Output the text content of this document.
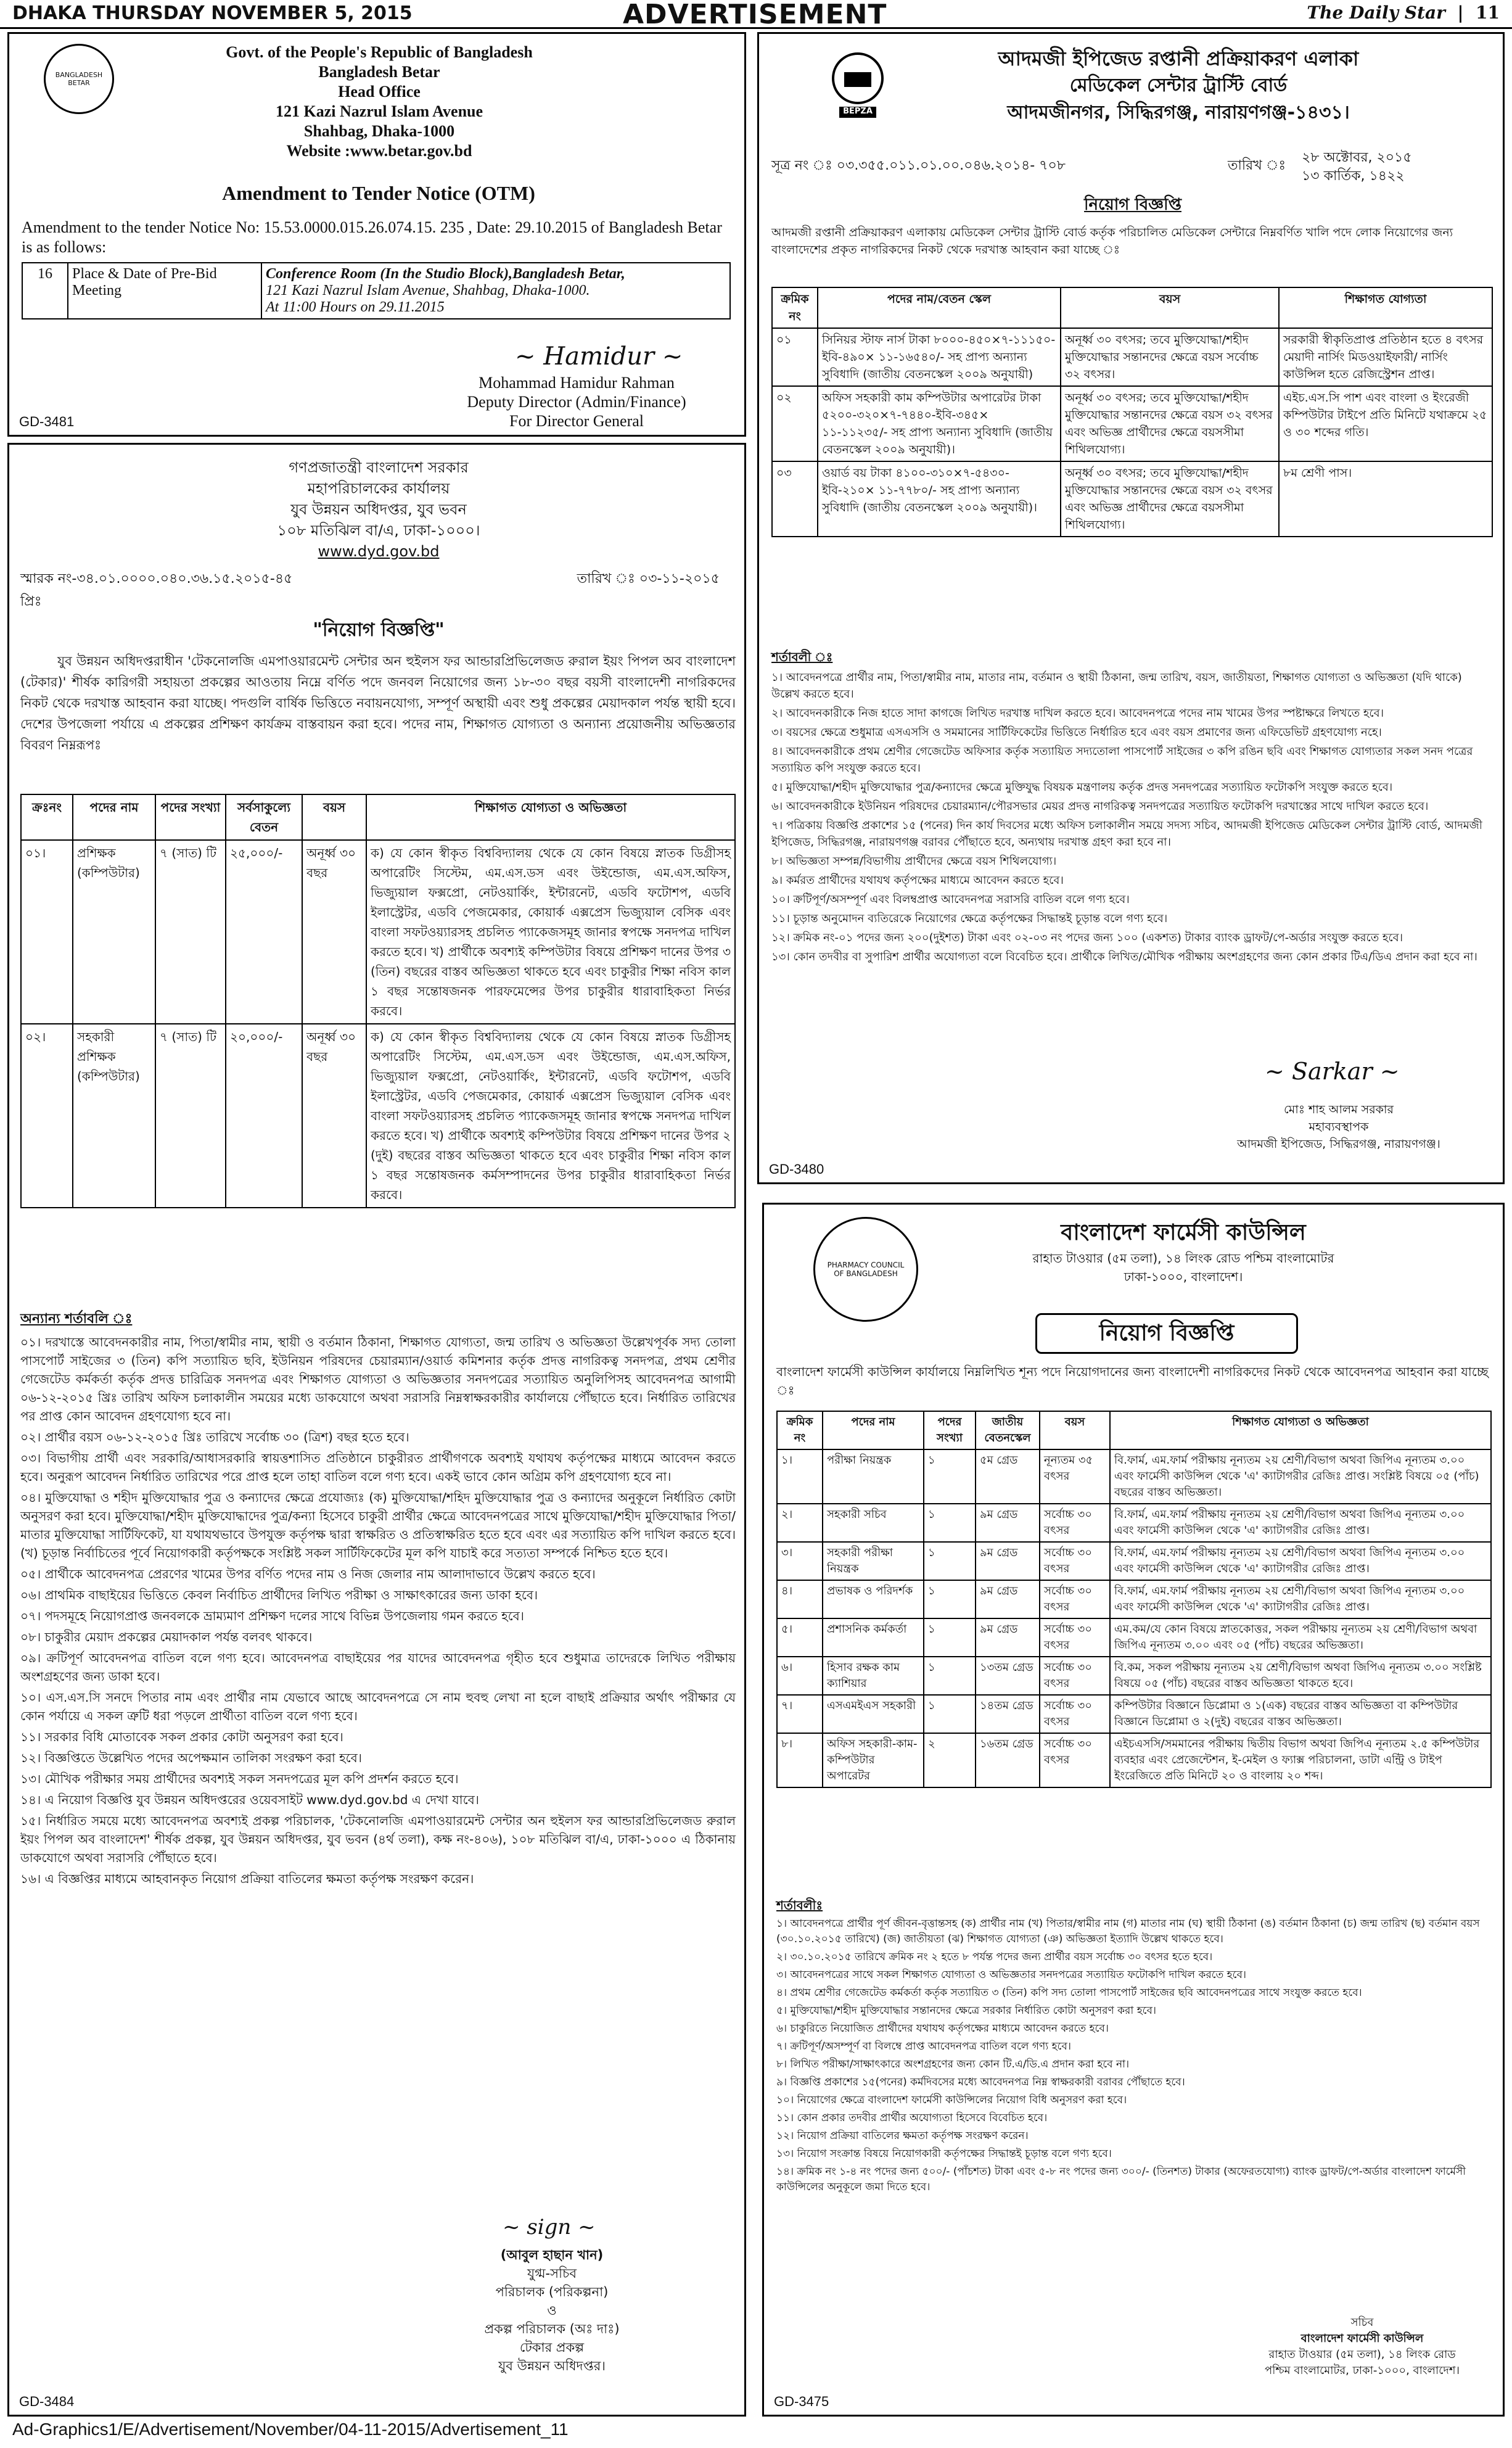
DHAKA THURSDAY NOVEMBER 5, 2015	ADVERTISEMENT	The Daily Star  |  11
BANGLADESH BETAR
Govt. of the People's Republic of Bangladesh
Bangladesh Betar
Head Office
121 Kazi Nazrul Islam Avenue
Shahbag, Dhaka-1000
Website :www.betar.gov.bd
Amendment to Tender Notice (OTM)
Amendment to the tender Notice No: 15.53.0000.015.26.074.15. 235 , Date: 29.10.2015 of Bangladesh Betar is as follows:
16	Place & Date of Pre-Bid Meeting	
Conference Room (In the Studio Block),Bangladesh Betar,
121 Kazi Nazrul Islam Avenue, Shahbag, Dhaka-1000.
At 11:00 Hours on 29.11.2015
~ Hamidur ~
Mohammad Hamidur Rahman
Deputy Director (Admin/Finance)
For Director General
GD-3481
গণপ্রজাতন্ত্রী বাংলাদেশ সরকার
মহাপরিচালকের কার্যালয়
যুব উন্নয়ন অধিদপ্তর, যুব ভবন
১০৮ মতিঝিল বা/এ, ঢাকা-১০০০।
www.dyd.gov.bd
স্মারক নং-৩৪.০১.০০০০.০৪০.৩৬.১৫.২০১৫-৪৫
প্রিঃ
তারিখ ঃ ০৩-১১-২০১৫
"নিয়োগ বিজ্ঞপ্তি"
যুব উন্নয়ন অধিদপ্তরাধীন 'টেকনোলজি এমপাওয়ারমেন্ট সেন্টার অন হুইলস ফর আন্ডারপ্রিভিলেজড রুরাল ইয়ং পিপল অব বাংলাদেশ (টেকার)' শীর্ষক কারিগরী সহায়তা প্রকল্পের আওতায় নিম্নে বর্ণিত পদে জনবল নিয়োগের জন্য ১৮-৩০ বছর বয়সী বাংলাদেশী নাগরিকদের নিকট থেকে দরখাস্ত আহবান করা যাচ্ছে। পদগুলি বার্ষিক ভিত্তিতে নবায়নযোগ্য, সম্পূর্ণ অস্থায়ী এবং শুধু প্রকল্পের মেয়াদকাল পর্যন্ত স্থায়ী হবে। দেশের উপজেলা পর্যায়ে এ প্রকল্পের প্রশিক্ষণ কার্যক্রম বাস্তবায়ন করা হবে। পদের নাম, শিক্ষাগত যোগ্যতা ও অন্যান্য প্রয়োজনীয় অভিজ্ঞতার বিবরণ নিম্নরূপঃ
ক্রঃনং	পদের নাম	পদের সংখ্যা	সর্বসাকুল্যে বেতন	বয়স	শিক্ষাগত যোগ্যতা ও অভিজ্ঞতা
০১।	প্রশিক্ষক (কম্পিউটার)	৭ (সাত) টি	২৫,০০০/-	অনূর্ধ্ব ৩০ বছর	ক) যে কোন স্বীকৃত বিশ্ববিদ্যালয় থেকে যে কোন বিষয়ে স্নাতক ডিগ্রীসহ অপারেটিং সিস্টেম, এম.এস.ডস এবং উইন্ডোজ, এম.এস.অফিস, ভিজ্যুয়াল ফক্সপ্রো, নেটওয়ার্কিং, ইন্টারনেট, এডবি ফটোশপ, এডবি ইলাস্ট্রেটর, এডবি পেজমেকার, কোয়ার্ক এক্সপ্রেস ভিজ্যুয়াল বেসিক এবং বাংলা সফটওয়্যারসহ প্রচলিত প্যাকেজসমূহ জানার স্বপক্ষে সনদপত্র দাখিল করতে হবে। খ) প্রার্থীকে অবশ্যই কম্পিউটার বিষয়ে প্রশিক্ষণ দানের উপর ৩ (তিন) বছরের বাস্তব অভিজ্ঞতা থাকতে হবে এবং চাকুরীর শিক্ষা নবিস কাল ১ বছর সন্তোষজনক পারফমেন্সের উপর চাকুরীর ধারাবাহিকতা নির্ভর করবে।
০২।	সহকারী প্রশিক্ষক (কম্পিউটার)	৭ (সাত) টি	২০,০০০/-	অনূর্ধ্ব ৩০ বছর	ক) যে কোন স্বীকৃত বিশ্ববিদ্যালয় থেকে যে কোন বিষয়ে স্নাতক ডিগ্রীসহ অপারেটিং সিস্টেম, এম.এস.ডস এবং উইন্ডোজ, এম.এস.অফিস, ভিজ্যুয়াল ফক্সপ্রো, নেটওয়ার্কিং, ইন্টারনেট, এডবি ফটোশপ, এডবি ইলাস্ট্রেটর, এডবি পেজমেকার, কোয়ার্ক এক্সপ্রেস ভিজ্যুয়াল বেসিক এবং বাংলা সফটওয়্যারসহ প্রচলিত প্যাকেজসমূহ জানার স্বপক্ষে সনদপত্র দাখিল করতে হবে। খ) প্রার্থীকে অবশ্যই কম্পিউটার বিষয়ে প্রশিক্ষণ দানের উপর ২ (দুই) বছরের বাস্তব অভিজ্ঞতা থাকতে হবে এবং চাকুরীর শিক্ষা নবিস কাল ১ বছর সন্তোষজনক কর্মসম্পাদনের উপর চাকুরীর ধারাবাহিকতা নির্ভর করবে।
অন্যান্য শর্তাবলি ঃ
০১। দরখাস্তে আবেদনকারীর নাম, পিতা/স্বামীর নাম, স্থায়ী ও বর্তমান ঠিকানা, শিক্ষাগত যোগ্যতা, জন্ম তারিখ ও অভিজ্ঞতা উল্লেখপূর্বক সদ্য তোলা পাসপোর্ট সাইজের ৩ (তিন) কপি সত্যায়িত ছবি, ইউনিয়ন পরিষদের চেয়ারম্যান/ওয়ার্ড কমিশনার কর্তৃক প্রদত্ত নাগরিকত্ব সনদপত্র, প্রথম শ্রেণীর গেজেটেড কর্মকর্তা কর্তৃক প্রদত্ত চারিত্রিক সনদপত্র এবং শিক্ষাগত যোগ্যতা ও অভিজ্ঞতার সনদপত্রের সত্যায়িত অনুলিপিসহ আবেদনপত্র আগামী ০৬-১২-২০১৫ খ্রিঃ তারিখ অফিস চলাকালীন সময়ের মধ্যে ডাকযোগে অথবা সরাসরি নিম্নস্বাক্ষরকারীর কার্যালয়ে পৌঁছাতে হবে। নির্ধারিত তারিখের পর প্রাপ্ত কোন আবেদন গ্রহণযোগ্য হবে না।
০২। প্রার্থীর বয়স ০৬-১২-২০১৫ খ্রিঃ তারিখে সর্বোচ্চ ৩০ (ত্রিশ) বছর হতে হবে।
০৩। বিভাগীয় প্রার্থী এবং সরকারি/আধাসরকারি স্বায়ত্তশাসিত প্রতিষ্ঠানে চাকুরীরত প্রার্থীগণকে অবশ্যই যথাযথ কর্তৃপক্ষের মাধ্যমে আবেদন করতে হবে। অনুরূপ আবেদন নির্ধারিত তারিখের পরে প্রাপ্ত হলে তাহা বাতিল বলে গণ্য হবে। একই ভাবে কোন অগ্রিম কপি গ্রহণযোগ্য হবে না।
০৪। মুক্তিযোদ্ধা ও শহীদ মুক্তিযোদ্ধার পুত্র ও কন্যাদের ক্ষেত্রে প্রযোজ্যঃ (ক) মুক্তিযোদ্ধা/শহিদ মুক্তিযোদ্ধার পুত্র ও কন্যাদের অনুকূলে নির্ধারিত কোটা অনুসরণ করা হবে। মুক্তিযোদ্ধা/শহীদ মুক্তিযোদ্ধাদের পুত্র/কন্যা হিসেবে চাকুরী প্রার্থীর ক্ষেত্রে আবেদনপত্রের সাথে মুক্তিযোদ্ধা/শহীদ মুক্তিযোদ্ধার পিতা/মাতার মুক্তিযোদ্ধা সার্টিফিকেট, যা যথাযথভাবে উপযুক্ত কর্তৃপক্ষ দ্বারা স্বাক্ষরিত ও প্রতিস্বাক্ষরিত হতে হবে এবং এর সত্যায়িত কপি দাখিল করতে হবে। (খ) চূড়ান্ত নির্বাচিতের পূর্বে নিয়োগকারী কর্তৃপক্ষকে সংশ্লিষ্ট সকল সার্টিফিকেটের মূল কপি যাচাই করে সত্যতা সম্পর্কে নিশ্চিত হতে হবে।
০৫। প্রার্থীকে আবেদনপত্র প্রেরণের খামের উপর বর্ণিত পদের নাম ও নিজ জেলার নাম আলাদাভাবে উল্লেখ করতে হবে।
০৬। প্রাথমিক বাছাইয়ের ভিত্তিতে কেবল নির্বাচিত প্রার্থীদের লিখিত পরীক্ষা ও সাক্ষাৎকারের জন্য ডাকা হবে।
০৭। পদসমূহে নিয়োগপ্রাপ্ত জনবলকে ভ্রাম্যমাণ প্রশিক্ষণ দলের সাথে বিভিন্ন উপজেলায় গমন করতে হবে।
০৮। চাকুরীর মেয়াদ প্রকল্পের মেয়াদকাল পর্যন্ত বলবৎ থাকবে।
০৯। ক্রটিপূর্ণ আবেদনপত্র বাতিল বলে গণ্য হবে। আবেদনপত্র বাছাইয়ের পর যাদের আবেদনপত্র গৃহীত হবে শুধুমাত্র তাদেরকে লিখিত পরীক্ষায় অংশগ্রহণের জন্য ডাকা হবে।
১০। এস.এস.সি সনদে পিতার নাম এবং প্রার্থীর নাম যেভাবে আছে আবেদনপত্রে সে নাম হুবহু লেখা না হলে বাছাই প্রক্রিয়ার অর্থাৎ পরীক্ষার যে কোন পর্যায়ে এ সকল ত্রুটি ধরা পড়লে প্রার্থীতা বাতিল বলে গণ্য হবে।
১১। সরকার বিধি মোতাবেক সকল প্রকার কোটা অনুসরণ করা হবে।
১২। বিজ্ঞপ্তিতে উল্লেখিত পদের অপেক্ষমান তালিকা সংরক্ষণ করা হবে।
১৩। মৌখিক পরীক্ষার সময় প্রার্থীদের অবশ্যই সকল সনদপত্রের মূল কপি প্রদর্শন করতে হবে।
১৪। এ নিয়োগ বিজ্ঞপ্তি যুব উন্নয়ন অধিদপ্তরের ওয়েবসাইট www.dyd.gov.bd এ দেখা যাবে।
১৫। নির্ধারিত সময়ে মধ্যে আবেদনপত্র অবশ্যই প্রকল্প পরিচালক, 'টেকনোলজি এমপাওয়ারমেন্ট সেন্টার অন হুইলস ফর আন্ডারপ্রিভিলেজড রুরাল ইয়ং পিপল অব বাংলাদেশ' শীর্ষক প্রকল্প, যুব উন্নয়ন অধিদপ্তর, যুব ভবন (৪র্থ তলা), কক্ষ নং-৪০৬), ১০৮ মতিঝিল বা/এ, ঢাকা-১০০০ এ ঠিকানায় ডাকযোগে অথবা সরাসরি পৌঁছাতে হবে।
১৬। এ বিজ্ঞপ্তির মাধ্যমে আহবানকৃত নিয়োগ প্রক্রিয়া বাতিলের ক্ষমতা কর্তৃপক্ষ সংরক্ষণ করেন।
~ sign ~
(আবুল হাছান খান)
যুগ্ম-সচিব
পরিচালক (পরিকল্পনা)
ও
প্রকল্প পরিচালক (অঃ দাঃ)
টেকার প্রকল্প
যুব উন্নয়ন অধিদপ্তর।
GD-3484
BEPZA
আদমজী ইপিজেড রপ্তানী প্রক্রিয়াকরণ এলাকা
মেডিকেল সেন্টার ট্রাস্টি বোর্ড
আদমজীনগর, সিদ্ধিরগঞ্জ, নারায়ণগঞ্জ-১৪৩১।
সূত্র নং ঃ ০৩.৩৫৫.০১১.০১.০০.০৪৬.২০১৪- ৭০৮	তারিখ ঃ
২৮ অক্টোবর, ২০১৫
১৩ কার্তিক, ১৪২২
নিয়োগ বিজ্ঞপ্তি
আদমজী রপ্তানী প্রক্রিয়াকরণ এলাকায় মেডিকেল সেন্টার ট্রাস্টি বোর্ড কর্তৃক পরিচালিত মেডিকেল সেন্টারে নিম্নবর্ণিত খালি পদে লোক নিয়োগের জন্য বাংলাদেশের প্রকৃত নাগরিকদের নিকট থেকে দরখাস্ত আহবান করা যাচ্ছে ঃ
ক্রমিক নং	পদের নাম/বেতন স্কেল	বয়স	শিক্ষাগত যোগ্যতা
০১	সিনিয়র স্টাফ নার্স টাকা ৮০০০-৪৫০×৭-১১১৫০-ইবি-৪৯০× ১১-১৬৫৪০/- সহ প্রাপ্য অন্যান্য সুবিধাদি (জাতীয় বেতনস্কেল ২০০৯ অনুযায়ী)	অনূর্ধ্ব ৩০ বৎসর; তবে মুক্তিযোদ্ধা/শহীদ মুক্তিযোদ্ধার সন্তানদের ক্ষেত্রে বয়স সর্বোচ্চ ৩২ বৎসর।	সরকারী স্বীকৃতিপ্রাপ্ত প্রতিষ্ঠান হতে ৪ বৎসর মেয়াদী নার্সিং মিডওয়াইফারী/ নার্সিং কাউন্সিল হতে রেজিস্ট্রেশন প্রাপ্ত।
০২	অফিস সহকারী কাম কম্পিউটার অপারেটর টাকা ৫২০০-৩২০×৭-৭৪৪০-ইবি-৩৪৫× ১১-১১২৩৫/- সহ প্রাপ্য অন্যান্য সুবিধাদি (জাতীয় বেতনস্কেল ২০০৯ অনুযায়ী)।	অনূর্ধ্ব ৩০ বৎসর; তবে মুক্তিযোদ্ধা/শহীদ মুক্তিযোদ্ধার সন্তানদের ক্ষেত্রে বয়স ৩২ বৎসর এবং অভিজ্ঞ প্রার্থীদের ক্ষেত্রে বয়সসীমা শিথিলযোগ্য।	এইচ.এস.সি পাশ এবং বাংলা ও ইংরেজী কম্পিউটার টাইপে প্রতি মিনিটে যথাক্রমে ২৫ ও ৩০ শব্দের গতি।
০৩	ওয়ার্ড বয় টাকা ৪১০০-৩১০×৭-৫৪৩০-ইবি-২১০× ১১-৭৭৮০/- সহ প্রাপ্য অন্যান্য সুবিধাদি (জাতীয় বেতনস্কেল ২০০৯ অনুযায়ী)।	অনূর্ধ্ব ৩০ বৎসর; তবে মুক্তিযোদ্ধা/শহীদ মুক্তিযোদ্ধার সন্তানদের ক্ষেত্রে বয়স ৩২ বৎসর এবং অভিজ্ঞ প্রার্থীদের ক্ষেত্রে বয়সসীমা শিথিলযোগ্য।	৮ম শ্রেণী পাস।
শর্তাবলী ঃ
১। আবেদনপত্রে প্রার্থীর নাম, পিতা/স্বামীর নাম, মাতার নাম, বর্তমান ও স্থায়ী ঠিকানা, জন্ম তারিখ, বয়স, জাতীয়তা, শিক্ষাগত যোগ্যতা ও অভিজ্ঞতা (যদি থাকে) উল্লেখ করতে হবে।
২। আবেদনকারীকে নিজ হাতে সাদা কাগজে লিখিত দরখাস্ত দাখিল করতে হবে। আবেদনপত্রে পদের নাম খামের উপর স্পষ্টাক্ষরে লিখতে হবে।
৩। বয়সের ক্ষেত্রে শুধুমাত্র এসএসসি ও সমমানের সার্টিফিকেটের ভিত্তিতে নির্ধারিত হবে এবং বয়স প্রমাণের জন্য এফিডেভিট গ্রহণযোগ্য নহে।
৪। আবেদনকারীকে প্রথম শ্রেণীর গেজেটেড অফিসার কর্তৃক সত্যায়িত সদ্যতোলা পাসপোর্ট সাইজের ৩ কপি রঙিন ছবি এবং শিক্ষাগত যোগ্যতার সকল সনদ পত্রের সত্যায়িত কপি সংযুক্ত করতে হবে।
৫। মুক্তিযোদ্ধা/শহীদ মুক্তিযোদ্ধার পুত্র/কন্যাদের ক্ষেত্রে মুক্তিযুদ্ধ বিষয়ক মন্ত্রণালয় কর্তৃক প্রদত্ত সনদপত্রের সত্যায়িত ফটোকপি সংযুক্ত করতে হবে।
৬। আবেদনকারীকে ইউনিয়ন পরিষদের চেয়ারম্যান/পৌরসভার মেয়র প্রদত্ত নাগরিকত্ব সনদপত্রের সত্যায়িত ফটোকপি দরখাস্তের সাথে দাখিল করতে হবে।
৭। পত্রিকায় বিজ্ঞপ্তি প্রকাশের ১৫ (পনের) দিন কার্য দিবসের মধ্যে অফিস চলাকালীন সময়ে সদস্য সচিব, আদমজী ইপিজেড মেডিকেল সেন্টার ট্রাস্টি বোর্ড, আদমজী ইপিজেড, সিদ্ধিরগঞ্জ, নারায়ণগঞ্জ বরাবর পৌঁছাতে হবে, অন্যথায় দরখাস্ত গ্রহণ করা হবে না।
৮। অভিজ্ঞতা সম্পন্ন/বিভাগীয় প্রার্থীদের ক্ষেত্রে বয়স শিথিলযোগ্য।
৯। কর্মরত প্রার্থীদের যথাযথ কর্তৃপক্ষের মাধ্যমে আবেদন করতে হবে।
১০। ক্রটিপূর্ণ/অসম্পূর্ণ এবং বিলম্বপ্রাপ্ত আবেদনপত্র সরাসরি বাতিল বলে গণ্য হবে।
১১। চূড়ান্ত অনুমোদন ব্যতিরেকে নিয়োগের ক্ষেত্রে কর্তৃপক্ষের সিদ্ধান্তই চূড়ান্ত বলে গণ্য হবে।
১২। ক্রমিক নং-০১ পদের জন্য ২০০(দুইশত) টাকা এবং ০২-০৩ নং পদের জন্য ১০০ (একশত) টাকার ব্যাংক ড্রাফট/পে-অর্ডার সংযুক্ত করতে হবে।
১৩। কোন তদবীর বা সুপারিশ প্রার্থীর অযোগ্যতা বলে বিবেচিত হবে। প্রার্থীকে লিখিত/মৌখিক পরীক্ষায় অংশগ্রহণের জন্য কোন প্রকার টিএ/ডিএ প্রদান করা হবে না।
~ Sarkar ~
মোঃ শাহ আলম সরকার
মহাব্যবস্থাপক
আদমজী ইপিজেড, সিদ্ধিরগঞ্জ, নারায়ণগঞ্জ।
GD-3480
PHARMACY COUNCIL OF BANGLADESH
বাংলাদেশ ফার্মেসী কাউন্সিল
রাহাত টাওয়ার (৫ম তলা), ১৪ লিংক রোড পশ্চিম বাংলামোটর
ঢাকা-১০০০, বাংলাদেশ।
নিয়োগ বিজ্ঞপ্তি
বাংলাদেশ ফার্মেসী কাউন্সিল কার্যালয়ে নিম্নলিখিত শূন্য পদে নিয়োগদানের জন্য বাংলাদেশী নাগরিকদের নিকট থেকে আবেদনপত্র আহবান করা যাচ্ছে ঃ
ক্রমিক নং	পদের নাম	পদের সংখ্যা	জাতীয় বেতনস্কেল	বয়স	শিক্ষাগত যোগ্যতা ও অভিজ্ঞতা
১।	পরীক্ষা নিয়ন্ত্রক	১	৫ম গ্রেড	নূন্যতম ৩৫ বৎসর	বি.ফার্ম, এম.ফার্ম পরীক্ষায় নূন্যতম ২য় শ্রেণী/বিভাগ অথবা জিপিএ নূন্যতম ৩.০০ এবং ফার্মেসী কাউন্সিল থেকে 'এ' ক্যাটাগরীর রেজিঃ প্রাপ্ত। সংশ্লিষ্ট বিষয়ে ০৫ (পাঁচ) বছরের বাস্তব অভিজ্ঞতা।
২।	সহকারী সচিব	১	৯ম গ্রেড	সর্বোচ্চ ৩০ বৎসর	বি.ফার্ম, এম.ফার্ম পরীক্ষায় নূন্যতম ২য় শ্রেণী/বিভাগ অথবা জিপিএ নূন্যতম ৩.০০ এবং ফার্মেসী কাউন্সিল থেকে 'এ' ক্যাটাগরীর রেজিঃ প্রাপ্ত।
৩।	সহকারী পরীক্ষা নিয়ন্ত্রক	১	৯ম গ্রেড	সর্বোচ্চ ৩০ বৎসর	বি.ফার্ম, এম.ফার্ম পরীক্ষায় নূন্যতম ২য় শ্রেণী/বিভাগ অথবা জিপিএ নূন্যতম ৩.০০ এবং ফার্মেসী কাউন্সিল থেকে 'এ' ক্যাটাগরীর রেজিঃ প্রাপ্ত।
৪।	প্রভাষক ও পরিদর্শক	১	৯ম গ্রেড	সর্বোচ্চ ৩০ বৎসর	বি.ফার্ম, এম.ফার্ম পরীক্ষায় নূন্যতম ২য় শ্রেণী/বিভাগ অথবা জিপিএ নূন্যতম ৩.০০ এবং ফার্মেসী কাউন্সিল থেকে 'এ' ক্যাটাগরীর রেজিঃ প্রাপ্ত।
৫।	প্রশাসনিক কর্মকর্তা	১	৯ম গ্রেড	সর্বোচ্চ ৩০ বৎসর	এম.কম/যে কোন বিষয়ে স্নাতকোত্তর, সকল পরীক্ষায় নূন্যতম ২য় শ্রেণী/বিভাগ অথবা জিপিএ নূন্যতম ৩.০০ এবং ০৫ (পাঁচ) বছরের অভিজ্ঞতা।
৬।	হিসাব রক্ষক কাম ক্যাশিয়ার	১	১৩তম গ্রেড	সর্বোচ্চ ৩০ বৎসর	বি.কম, সকল পরীক্ষায় নূন্যতম ২য় শ্রেণী/বিভাগ অথবা জিপিএ নূন্যতম ৩.০০ সংশ্লিষ্ট বিষয়ে ০৫ (পাঁচ) বছরের বাস্তব অভিজ্ঞতা থাকতে হবে।
৭।	এসএমইএস সহকারী	১	১৪তম গ্রেড	সর্বোচ্চ ৩০ বৎসর	কম্পিউটার বিজ্ঞানে ডিপ্লোমা ও ১(এক) বছরের বাস্তব অভিজ্ঞতা বা কম্পিউটার বিজ্ঞানে ডিপ্লোমা ও ২(দুই) বছরের বাস্তব অভিজ্ঞতা।
৮।	অফিস সহকারী-কাম-কম্পিউটার অপারেটর	২	১৬তম গ্রেড	সর্বোচ্চ ৩০ বৎসর	এইচএসসি/সমমানের পরীক্ষায় দ্বিতীয় বিভাগ অথবা জিপিএ নূন্যতম ২.৫ কম্পিউটার ব্যবহার এবং প্রেজেন্টেশন, ই-মেইল ও ফ্যাক্স পরিচালনা, ডাটা এন্ট্রি ও টাইপ ইংরেজিতে প্রতি মিনিটে ২০ ও বাংলায় ২০ শব্দ।
শর্তাবলীঃ
১। আবেদনপত্রে প্রার্থীর পূর্ণ জীবন-বৃত্তান্তসহ (ক) প্রার্থীর নাম (খ) পিতার/স্বামীর নাম (গ) মাতার নাম (ঘ) স্থায়ী ঠিকানা (ঙ) বর্তমান ঠিকানা (চ) জন্ম তারিখ (ছ) বর্তমান বয়স (৩০.১০.২০১৫ তারিখে) (জ) জাতীয়তা (ঝ) শিক্ষাগত যোগ্যতা (ঞ) অভিজ্ঞতা ইত্যাদি উল্লেখ থাকতে হবে।
২। ৩০.১০.২০১৫ তারিখে ক্রমিক নং ২ হতে ৮ পর্যন্ত পদের জন্য প্রার্থীর বয়স সর্বোচ্চ ৩০ বৎসর হতে হবে।
৩। আবেদনপত্রের সাথে সকল শিক্ষাগত যোগ্যতা ও অভিজ্ঞতার সনদপত্রের সত্যায়িত ফটোকপি দাখিল করতে হবে।
৪। প্রথম শ্রেণীর গেজেটেড কর্মকর্তা কর্তৃক সত্যায়িত ৩ (তিন) কপি সদ্য তোলা পাসপোর্ট সাইজের ছবি আবেদনপত্রের সাথে সংযুক্ত করতে হবে।
৫। মুক্তিযোদ্ধা/শহীদ মুক্তিযোদ্ধার সন্তানদের ক্ষেত্রে সরকার নির্ধারিত কোটা অনুসরণ করা হবে।
৬। চাকুরিতে নিয়োজিত প্রার্থীদের যথাযথ কর্তৃপক্ষের মাধ্যমে আবেদন করতে হবে।
৭। ক্রটিপূর্ণ/অসম্পূর্ণ বা বিলম্বে প্রাপ্ত আবেদনপত্র বাতিল বলে গণ্য হবে।
৮। লিখিত পরীক্ষা/সাক্ষাৎকারে অংশগ্রহণের জন্য কোন টি.এ/ডি.এ প্রদান করা হবে না।
৯। বিজ্ঞপ্তি প্রকাশের ১৫(পনের) কর্মদিবসের মধ্যে আবেদনপত্র নিম্ন স্বাক্ষরকারী বরাবর পৌঁছাতে হবে।
১০। নিয়োগের ক্ষেত্রে বাংলাদেশ ফার্মেসী কাউন্সিলের নিয়োগ বিধি অনুসরণ করা হবে।
১১। কোন প্রকার তদবীর প্রার্থীর অযোগ্যতা হিসেবে বিবেচিত হবে।
১২। নিয়োগ প্রক্রিয়া বাতিলের ক্ষমতা কর্তৃপক্ষ সংরক্ষণ করেন।
১৩। নিয়োগ সংক্রান্ত বিষয়ে নিয়োগকারী কর্তৃপক্ষের সিদ্ধান্তই চূড়ান্ত বলে গণ্য হবে।
১৪। ক্রমিক নং ১-৪ নং পদের জন্য ৫০০/- (পাঁচশত) টাকা এবং ৫-৮ নং পদের জন্য ৩০০/- (তিনশত) টাকার (অফেরতযোগ্য) ব্যাংক ড্রাফট/পে-অর্ডার বাংলাদেশ ফার্মেসী কাউন্সিলের অনুকূলে জমা দিতে হবে।
সচিব
বাংলাদেশ ফার্মেসী কাউন্সিল
রাহাত টাওয়ার (৫ম তলা), ১৪ লিংক রোড
পশ্চিম বাংলামোটর, ঢাকা-১০০০, বাংলাদেশ।
GD-3475
Ad-Graphics1/E/Advertisement/November/04-11-2015/Advertisement_11
